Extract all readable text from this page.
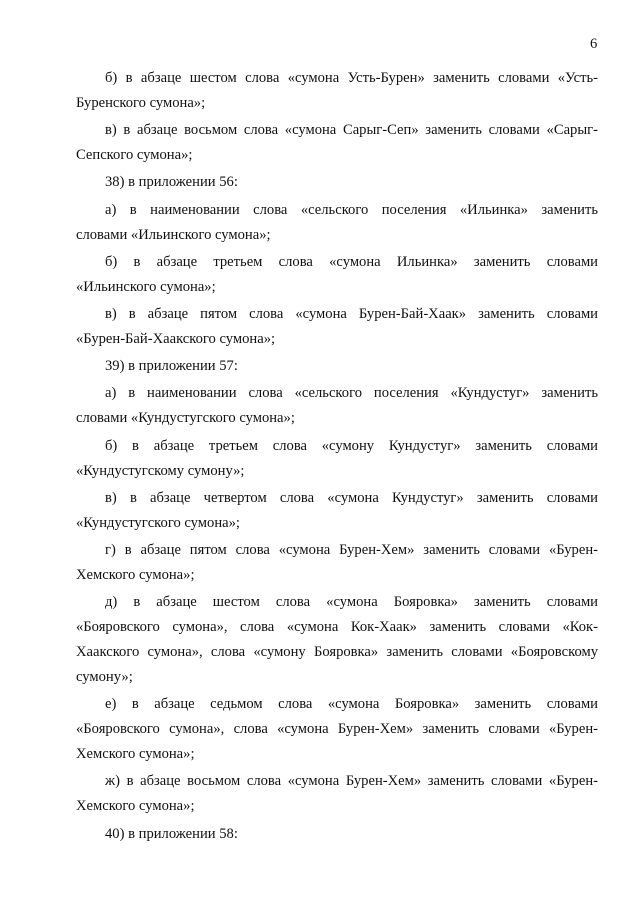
6
б) в абзаце шестом слова «сумона Усть-Бурен» заменить словами «Усть-
Буренского сумона»;
в) в абзаце восьмом слова «сумона Сарыг-Сеп» заменить словами «Сарыг-
Сепского сумона»;
38) в приложении 56:
а) в наименовании слова «сельского поселения «Ильинка» заменить
словами «Ильинского сумона»;
б) в абзаце третьем слова «сумона Ильинка» заменить словами
«Ильинского сумона»;
в) в абзаце пятом слова «сумона Бурен-Бай-Хаак» заменить словами
«Бурен-Бай-Хаакского сумона»;
39) в приложении 57:
а) в наименовании слова «сельского поселения «Кундустуг» заменить
словами «Кундустугского сумона»;
б) в абзаце третьем слова «сумону Кундустуг» заменить словами
«Кундустугскому сумону»;
в) в абзаце четвертом слова «сумона Кундустуг» заменить словами
«Кундустугского сумона»;
г) в абзаце пятом слова «сумона Бурен-Хем» заменить словами «Бурен-
Хемского сумона»;
д) в абзаце шестом слова «сумона Бояровка» заменить словами
«Бояровского сумона», слова «сумона Кок-Хаак» заменить словами «Кок-
Хаакского сумона», слова «сумону Бояровка» заменить словами «Бояровскому
сумону»;
е) в абзаце седьмом слова «сумона Бояровка» заменить словами
«Бояровского сумона», слова «сумона Бурен-Хем» заменить словами «Бурен-
Хемского сумона»;
ж) в абзаце восьмом слова «сумона Бурен-Хем» заменить словами «Бурен-
Хемского сумона»;
40) в приложении 58:
